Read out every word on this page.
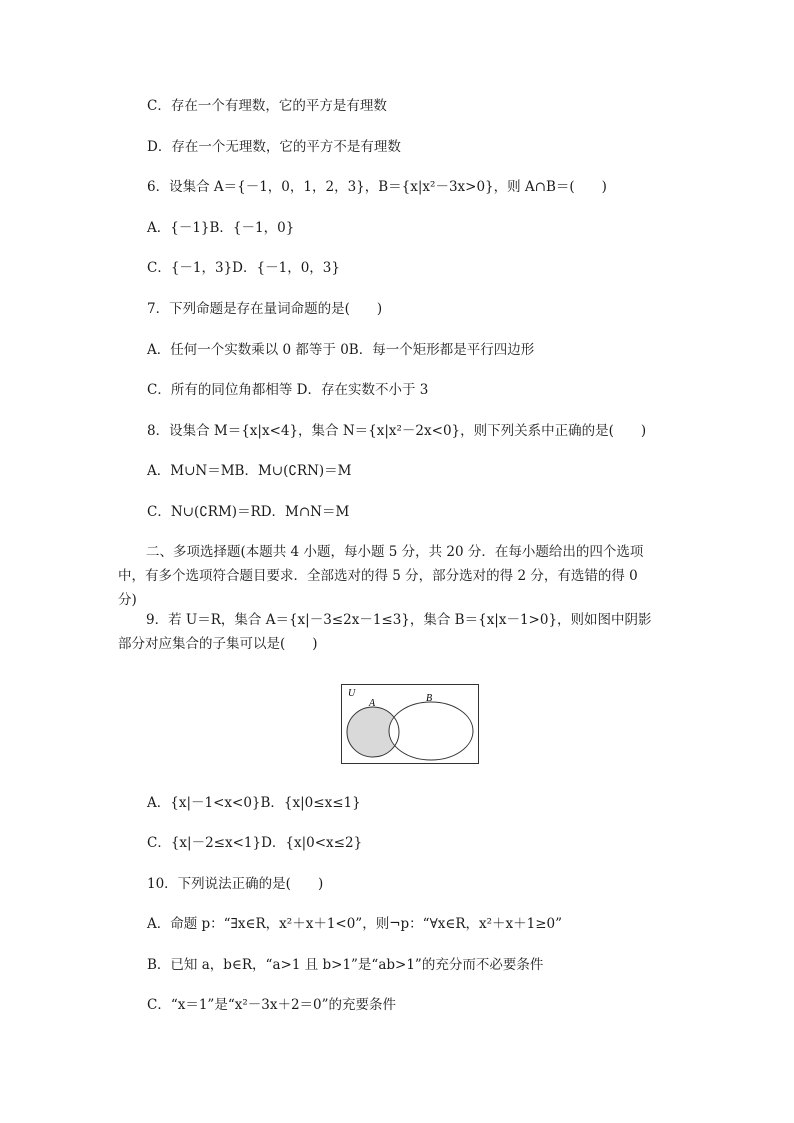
C．存在一个有理数，它的平方是有理数
D．存在一个无理数，它的平方不是有理数
6．设集合 A＝{－1，0，1，2，3}，B＝{x|x²－3x>0}，则 A∩B＝(　　)
A．{－1}B．{－1，0}
C．{－1，3}D．{－1，0，3}
7．下列命题是存在量词命题的是(　　)
A．任何一个实数乘以 0 都等于 0B．每一个矩形都是平行四边形
C．所有的同位角都相等 D．存在实数不小于 3
8．设集合 M＝{x|x<4}，集合 N＝{x|x²－2x<0}，则下列关系中正确的是(　　)
A．M∪N＝MB．M∪(∁RN)＝M
C．N∪(∁RM)＝RD．M∩N＝M
二、多项选择题(本题共 4 小题，每小题 5 分，共 20 分．在每小题给出的四个选项中，有多个选项符合题目要求．全部选对的得 5 分，部分选对的得 2 分，有选错的得 0 分)
9．若 U＝R，集合 A＝{x|－3≤2x－1≤3}，集合 B＝{x|x－1>0}，则如图中阴影部分对应集合的子集可以是(　　)
U
A	B
A．{x|－1<x<0}B．{x|0≤x≤1}
C．{x|－2≤x<1}D．{x|0<x≤2}
10．下列说法正确的是(　　)
A．命题 p：“∃x∈R，x²＋x＋1<0”，则¬p：“∀x∈R，x²＋x＋1≥0”
B．已知 a，b∈R，“a>1 且 b>1”是“ab>1”的充分而不必要条件
C．“x＝1”是“x²－3x＋2＝0”的充要条件
